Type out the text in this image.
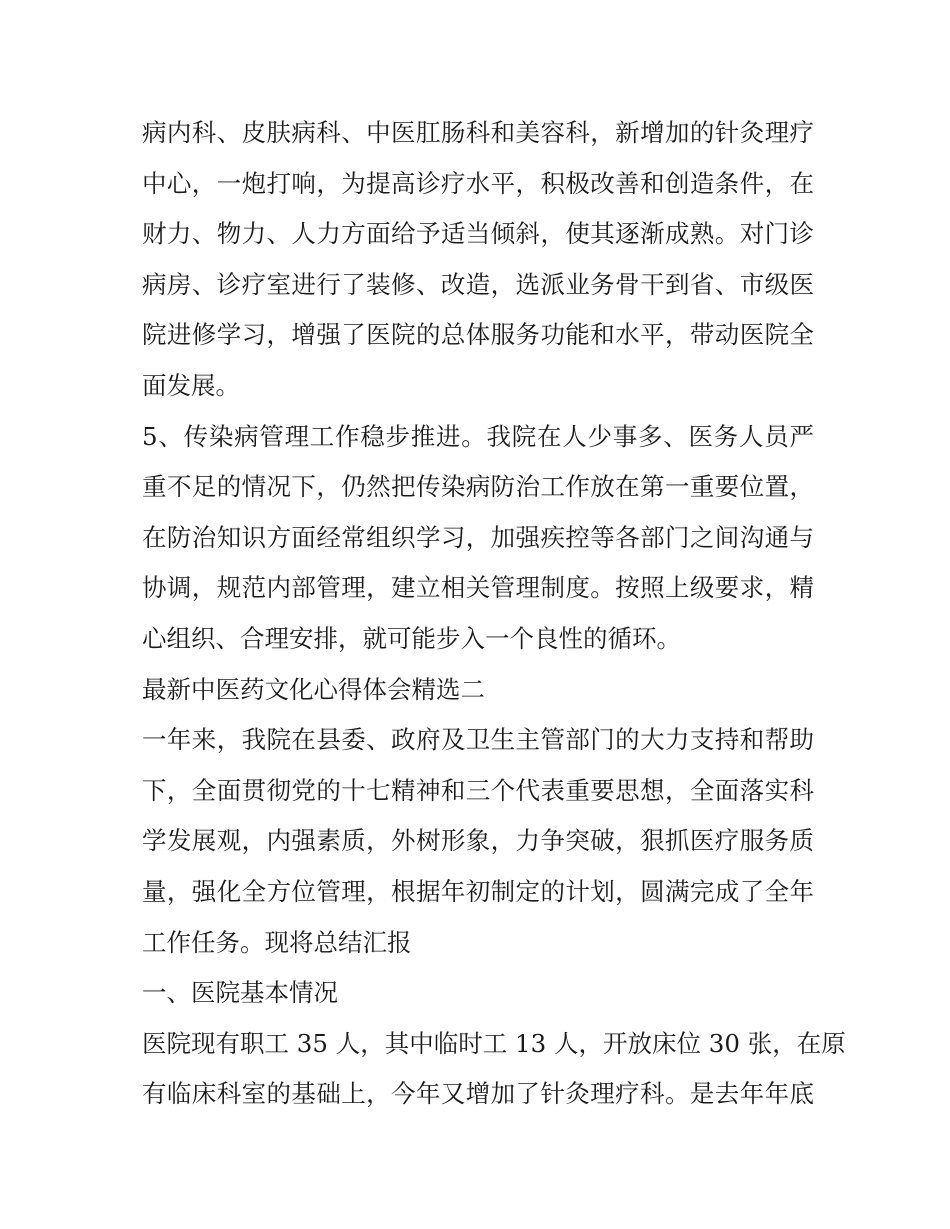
病内科、皮肤病科、中医肛肠科和美容科，新增加的针灸理疗
中心，一炮打响，为提高诊疗水平，积极改善和创造条件，在
财力、物力、人力方面给予适当倾斜，使其逐渐成熟。对门诊
病房、诊疗室进行了装修、改造，选派业务骨干到省、市级医
院进修学习，增强了医院的总体服务功能和水平，带动医院全
面发展。
5、传染病管理工作稳步推进。我院在人少事多、医务人员严
重不足的情况下，仍然把传染病防治工作放在第一重要位置，
在防治知识方面经常组织学习，加强疾控等各部门之间沟通与
协调，规范内部管理，建立相关管理制度。按照上级要求，精
心组织、合理安排，就可能步入一个良性的循环。
最新中医药文化心得体会精选二
一年来，我院在县委、政府及卫生主管部门的大力支持和帮助
下，全面贯彻党的十七精神和三个代表重要思想，全面落实科
学发展观，内强素质，外树形象，力争突破，狠抓医疗服务质
量，强化全方位管理，根据年初制定的计划，圆满完成了全年
工作任务。现将总结汇报
一、医院基本情况
医院现有职工 35 人，其中临时工 13 人，开放床位 30 张，在原
有临床科室的基础上，今年又增加了针灸理疗科。是去年年底
